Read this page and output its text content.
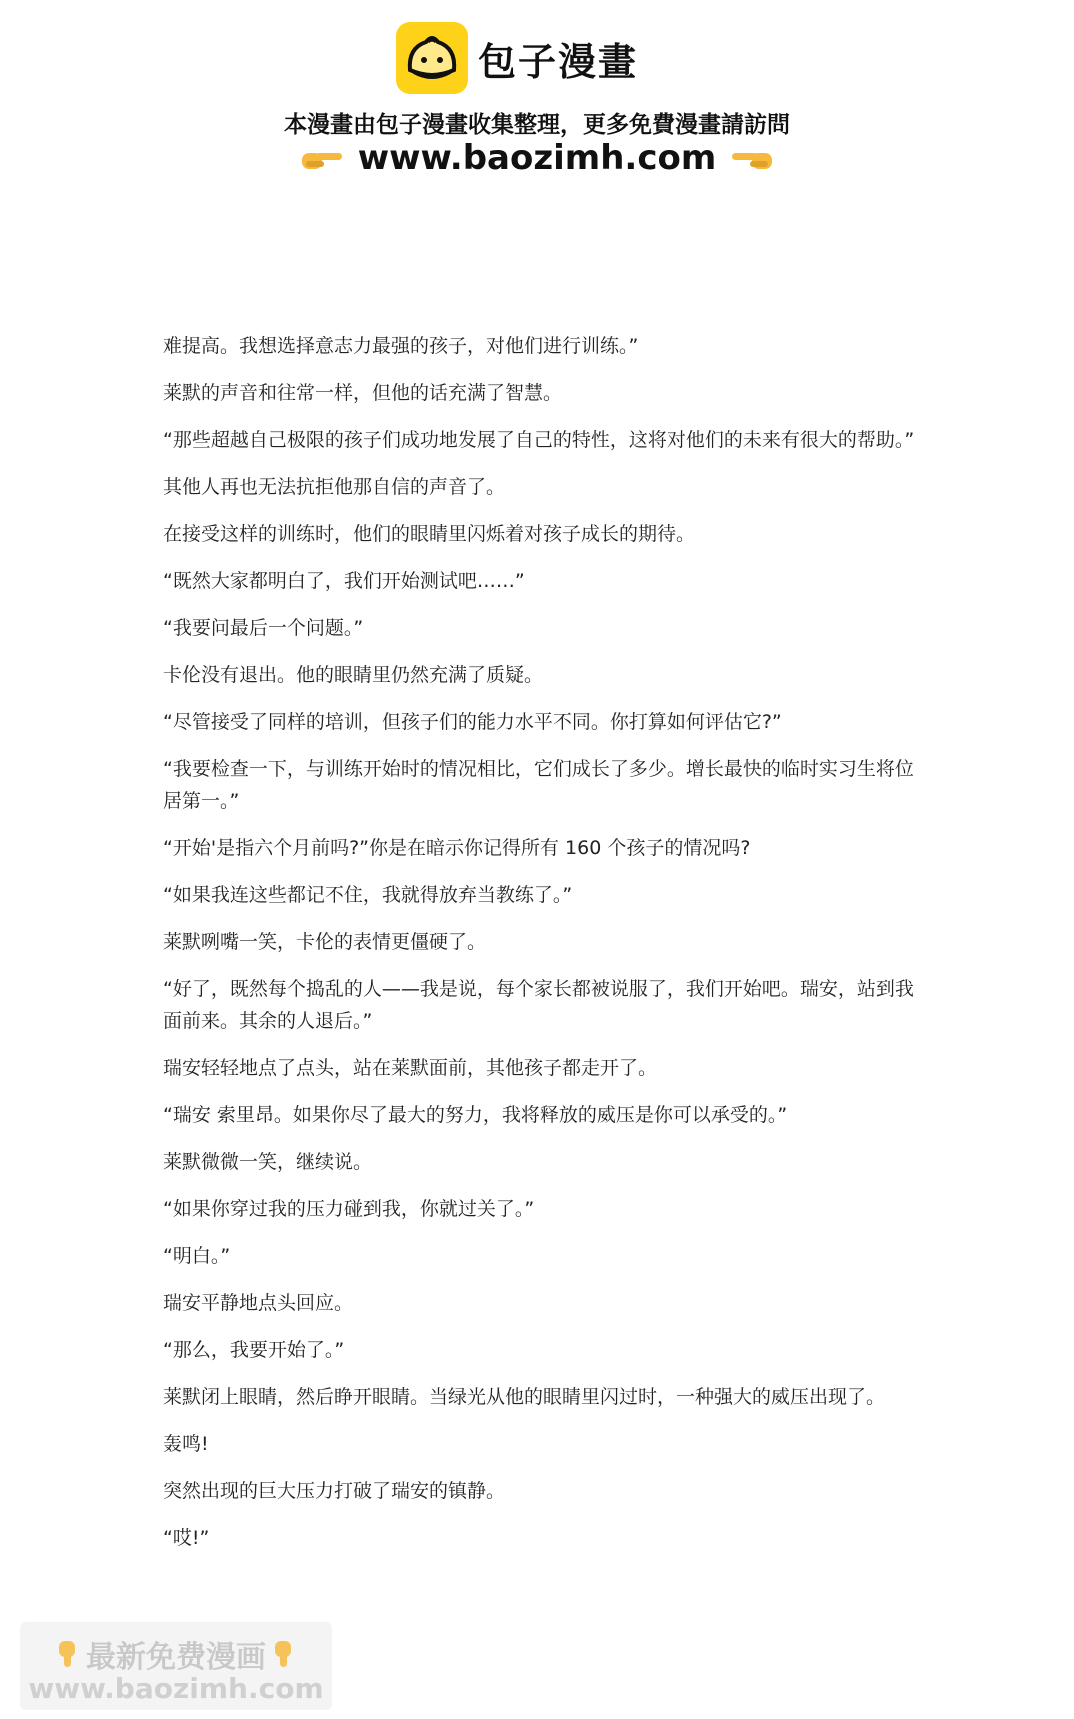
包子漫畫
本漫畫由包子漫畫收集整理，更多免費漫畫請訪問
www.baozimh.com

难提高。我想选择意志力最强的孩子，对他们进行训练。”

莱默的声音和往常一样，但他的话充满了智慧。

“那些超越自己极限的孩子们成功地发展了自己的特性，这将对他们的未来有很大的帮助。”

其他人再也无法抗拒他那自信的声音了。

在接受这样的训练时，他们的眼睛里闪烁着对孩子成长的期待。

“既然大家都明白了，我们开始测试吧……”

“我要问最后一个问题。”

卡伦没有退出。他的眼睛里仍然充满了质疑。

“尽管接受了同样的培训，但孩子们的能力水平不同。你打算如何评估它?”

“我要检查一下，与训练开始时的情况相比，它们成长了多少。增长最快的临时实习生将位居第一。”

“开始'是指六个月前吗?”你是在暗示你记得所有 160 个孩子的情况吗?

“如果我连这些都记不住，我就得放弃当教练了。”

莱默咧嘴一笑，卡伦的表情更僵硬了。

“好了，既然每个捣乱的人——我是说，每个家长都被说服了，我们开始吧。瑞安，站到我面前来。其余的人退后。”

瑞安轻轻地点了点头，站在莱默面前，其他孩子都走开了。

“瑞安 索里昂。如果你尽了最大的努力，我将释放的威压是你可以承受的。”

莱默微微一笑，继续说。

“如果你穿过我的压力碰到我，你就过关了。”

“明白。”

瑞安平静地点头回应。

“那么，我要开始了。”

莱默闭上眼睛，然后睁开眼睛。当绿光从他的眼睛里闪过时，一种强大的威压出现了。

轰鸣!

突然出现的巨大压力打破了瑞安的镇静。

“哎!”

最新免费漫画
www.baozimh.com
